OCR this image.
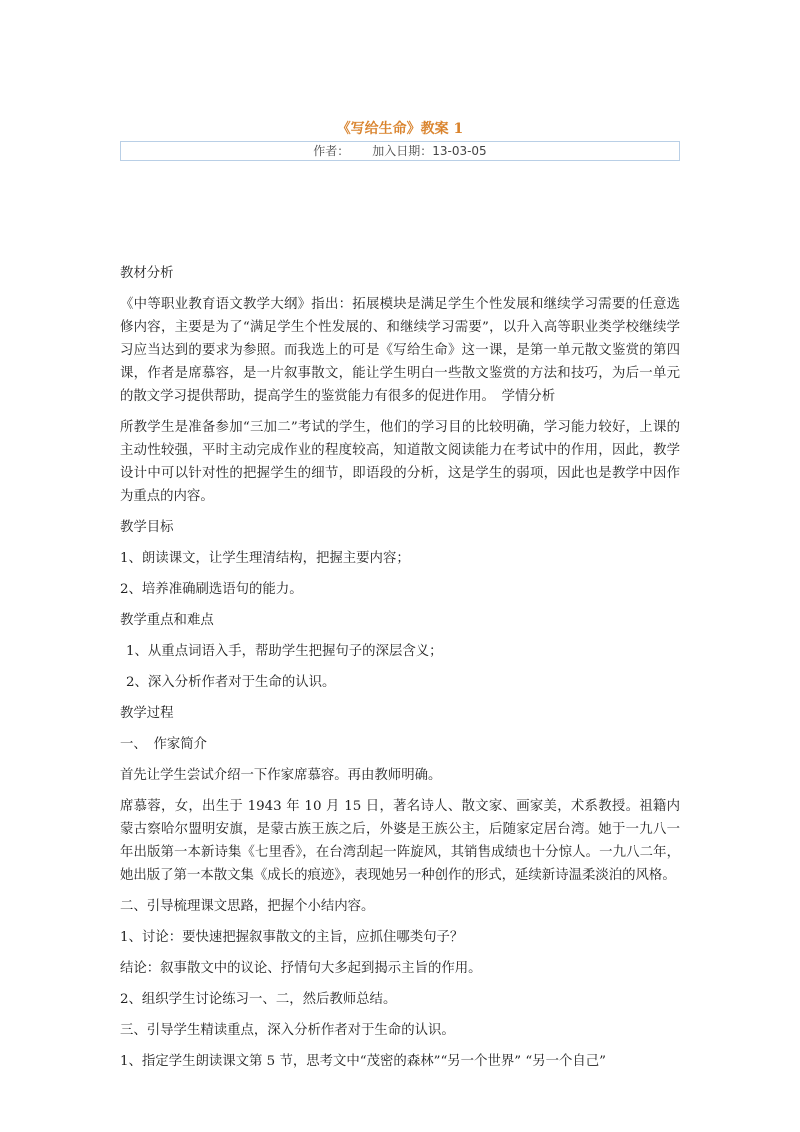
《写给生命》教案 1
作者： 加入日期：13-03-05

教材分析

《中等职业教育语文教学大纲》指出：拓展模块是满足学生个性发展和继续学习需要的任意选修内容，主要是为了“满足学生个性发展的、和继续学习需要”，以升入高等职业类学校继续学习应当达到的要求为参照。而我选上的可是《写给生命》这一课，是第一单元散文鉴赏的第四课，作者是席慕容，是一片叙事散文，能让学生明白一些散文鉴赏的方法和技巧，为后一单元的散文学习提供帮助，提高学生的鉴赏能力有很多的促进作用。　学情分析

所教学生是准备参加“三加二”考试的学生，他们的学习目的比较明确，学习能力较好，上课的主动性较强，平时主动完成作业的程度较高，知道散文阅读能力在考试中的作用，因此，教学设计中可以针对性的把握学生的细节，即语段的分析，这是学生的弱项，因此也是教学中因作为重点的内容。

教学目标

1、朗读课文，让学生理清结构，把握主要内容；

2、培养准确刷选语句的能力。

教学重点和难点

1、从重点词语入手，帮助学生把握句子的深层含义；

2、深入分析作者对于生命的认识。

教学过程

一、　作家简介

首先让学生尝试介绍一下作家席慕容。再由教师明确。

席慕蓉，女，出生于 1943 年 10 月 15 日，著名诗人、散文家、画家美，术系教授。祖籍内蒙古察哈尔盟明安旗，是蒙古族王族之后，外婆是王族公主，后随家定居台湾。她于一九八一年出版第一本新诗集《七里香》，在台湾刮起一阵旋风，其销售成绩也十分惊人。一九八二年，她出版了第一本散文集《成长的痕迹》，表现她另一种创作的形式，延续新诗温柔淡泊的风格。

二、引导梳理课文思路，把握个小结内容。

1、讨论：要快速把握叙事散文的主旨，应抓住哪类句子？

结论：叙事散文中的议论、抒情句大多起到揭示主旨的作用。

2、组织学生讨论练习一、二，然后教师总结。

三、引导学生精读重点，深入分析作者对于生命的认识。

1、指定学生朗读课文第 5 节，思考文中“茂密的森林”“另一个世界” “另一个自己”
